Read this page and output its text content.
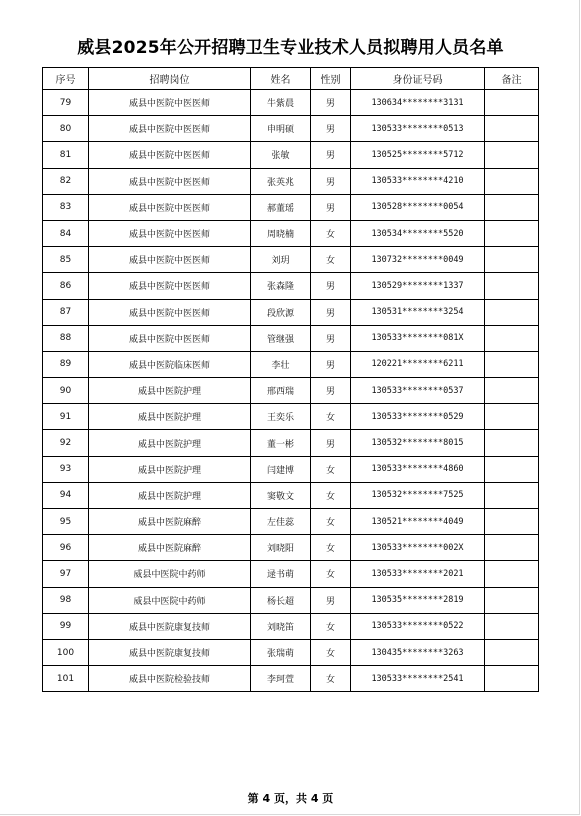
威县2025年公开招聘卫生专业技术人员拟聘用人员名单
序号	招聘岗位	姓名	性别	身份证号码	备注
79	威县中医院中医医师	牛紫晨	男	130634********3131	
80	威县中医院中医医师	申明硕	男	130533********0513	
81	威县中医院中医医师	张敏	男	130525********5712	
82	威县中医院中医医师	张英兆	男	130533********4210	
83	威县中医院中医医师	郝董瑶	男	130528********0054	
84	威县中医院中医医师	周晓楠	女	130534********5520	
85	威县中医院中医医师	刘玥	女	130732********0049	
86	威县中医院中医医师	张森隆	男	130529********1337	
87	威县中医院中医医师	段欣源	男	130531********3254	
88	威县中医院中医医师	管继强	男	130533********081X	
89	威县中医院临床医师	李壮	男	120221********6211	
90	威县中医院护理	邢西瑞	男	130533********0537	
91	威县中医院护理	王奕乐	女	130533********0529	
92	威县中医院护理	董一彬	男	130532********8015	
93	威县中医院护理	闫建博	女	130533********4860	
94	威县中医院护理	窦敬文	女	130532********7525	
95	威县中医院麻醉	左佳蕊	女	130521********4049	
96	威县中医院麻醉	刘晓阳	女	130533********002X	
97	威县中医院中药师	逯书萌	女	130533********2021	
98	威县中医院中药师	杨长超	男	130535********2819	
99	威县中医院康复技师	刘晓笛	女	130533********0522	
100	威县中医院康复技师	张瑞萌	女	130435********3263	
101	威县中医院检验技师	李珂萱	女	130533********2541	
第 4 页，共 4 页
